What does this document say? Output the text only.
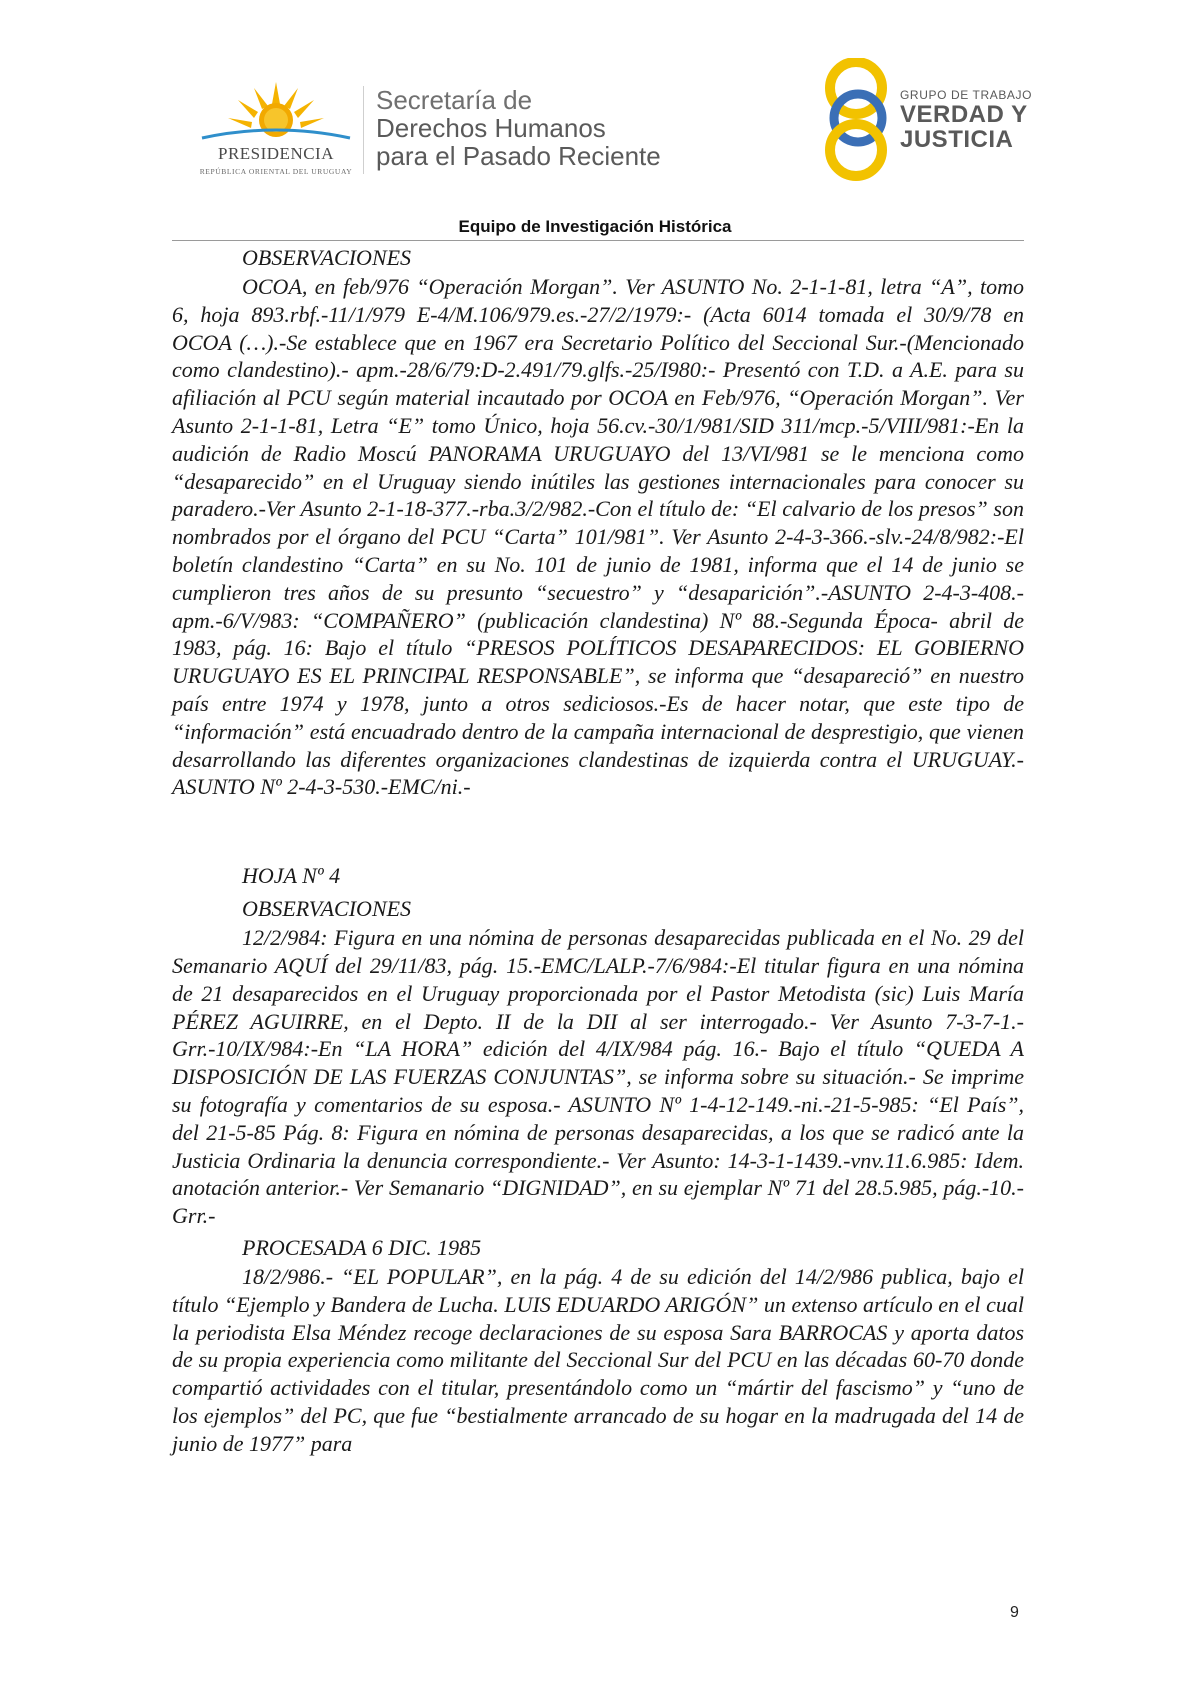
PRESIDENCIA
REPÚBLICA ORIENTAL DEL URUGUAY
Secretaría de
Derechos Humanos
para el Pasado Reciente
GRUPO DE TRABAJO
VERDAD Y
JUSTICIA
Equipo de Investigación Histórica
OBSERVACIONES

OCOA, en feb/976 “Operación Morgan”. Ver ASUNTO No. 2-1-1-81, letra “A”, tomo 6, hoja 893.rbf.-11/1/979 E-4/M.106/979.es.-27/2/1979:- (Acta 6014 tomada el 30/9/78 en OCOA (…).-Se establece que en 1967 era Secretario Político del Seccional Sur.-(Mencionado como clandestino).- apm.-28/6/79:D-2.491/79.glfs.-25/I980:- Presentó con T.D. a A.E. para su afiliación al PCU según material incautado por OCOA en Feb/976, “Operación Morgan”. Ver Asunto 2-1-1-81, Letra “E” tomo Único, hoja 56.cv.-30/1/981/SID 311/mcp.-5/VIII/981:-En la audición de Radio Moscú PANORAMA URUGUAYO del 13/VI/981 se le menciona como “desaparecido” en el Uruguay siendo inútiles las gestiones internacionales para conocer su paradero.-Ver Asunto 2-1-18-377.-rba.3/2/982.-Con el título de: “El calvario de los presos” son nombrados por el órgano del PCU “Carta” 101/981”. Ver Asunto 2-4-3-366.-slv.-24/8/982:-El boletín clandestino “Carta” en su No. 101 de junio de 1981, informa que el 14 de junio se cumplieron tres años de su presunto “secuestro” y “desaparición”.-ASUNTO 2-4-3-408.-apm.-6/V/983: “COMPAÑERO” (publicación clandestina) Nº 88.-Segunda Época- abril de 1983, pág. 16: Bajo el título “PRESOS POLÍTICOS DESAPARECIDOS: EL GOBIERNO URUGUAYO ES EL PRINCIPAL RESPONSABLE”, se informa que “desapareció” en nuestro país entre 1974 y 1978, junto a otros sediciosos.-Es de hacer notar, que este tipo de “información” está encuadrado dentro de la campaña internacional de desprestigio, que vienen desarrollando las diferentes organizaciones clandestinas de izquierda contra el URUGUAY.-ASUNTO Nº 2-4-3-530.-EMC/ni.-

HOJA Nº 4
OBSERVACIONES

12/2/984: Figura en una nómina de personas desaparecidas publicada en el No. 29 del Semanario AQUÍ del 29/11/83, pág. 15.-EMC/LALP.-7/6/984:-El titular figura en una nómina de 21 desaparecidos en el Uruguay proporcionada por el Pastor Metodista (sic) Luis María PÉREZ AGUIRRE, en el Depto. II de la DII al ser interrogado.- Ver Asunto 7-3-7-1.-Grr.-10/IX/984:-En “LA HORA” edición del 4/IX/984 pág. 16.- Bajo el título “QUEDA A DISPOSICIÓN DE LAS FUERZAS CONJUNTAS”, se informa sobre su situación.- Se imprime su fotografía y comentarios de su esposa.- ASUNTO Nº 1-4-12-149.-ni.-21-5-985: “El País”, del 21-5-85 Pág. 8: Figura en nómina de personas desaparecidas, a los que se radicó ante la Justicia Ordinaria la denuncia correspondiente.- Ver Asunto: 14-3-1-1439.-vnv.11.6.985: Idem. anotación anterior.- Ver Semanario “DIGNIDAD”, en su ejemplar Nº 71 del 28.5.985, pág.-10.- Grr.-

PROCESADA 6 DIC. 1985

18/2/986.- “EL POPULAR”, en la pág. 4 de su edición del 14/2/986 publica, bajo el título “Ejemplo y Bandera de Lucha. LUIS EDUARDO ARIGÓN” un extenso artículo en el cual la periodista Elsa Méndez recoge declaraciones de su esposa Sara BARROCAS y aporta datos de su propia experiencia como militante del Seccional Sur del PCU en las décadas 60-70 donde compartió actividades con el titular, presentándolo como un “mártir del fascismo” y “uno de los ejemplos” del PC, que fue “bestialmente arrancado de su hogar en la madrugada del 14 de junio de 1977” para

9
